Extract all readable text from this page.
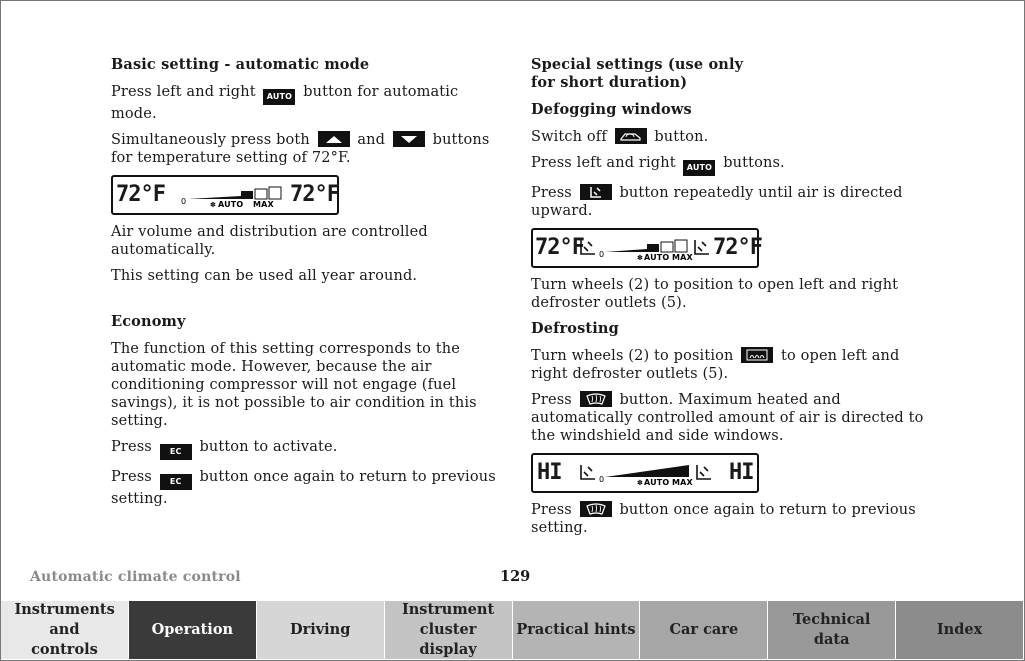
Basic setting - automatic mode

Press left and right AUTO button for automatic mode.

Simultaneously press both	and	buttons for temperature setting of 72°F.

72°F 0	✽ AUTO MAX 72°F

Air volume and distribution are controlled automatically.

This setting can be used all year around.

Economy

The function of this setting corresponds to the automatic mode. However, because the air conditioning compressor will not engage (fuel savings), it is not possible to air condition in this setting.

Press EC button to activate.

Press EC button once again to return to previous setting.

Special settings (use only for short duration)
Defogging windows

Switch off	button.

Press left and right AUTO buttons.

Press	button repeatedly until air is directed upward.

72°F 0	✽ AUTO MAX 72°F

Turn wheels (2) to position to open left and right defroster outlets (5).

Defrosting

Turn wheels (2) to position	to open left and right defroster outlets (5).

Press	button. Maximum heated and automatically controlled amount of air is directed to the windshield and side windows.

HI	0	✽ AUTO MAX HI

Press	button once again to return to previous setting.

Automatic climate control	129
Instruments and controls
Operation	Driving
Instrument cluster display
Practical hints Car care
Technical data
Index
